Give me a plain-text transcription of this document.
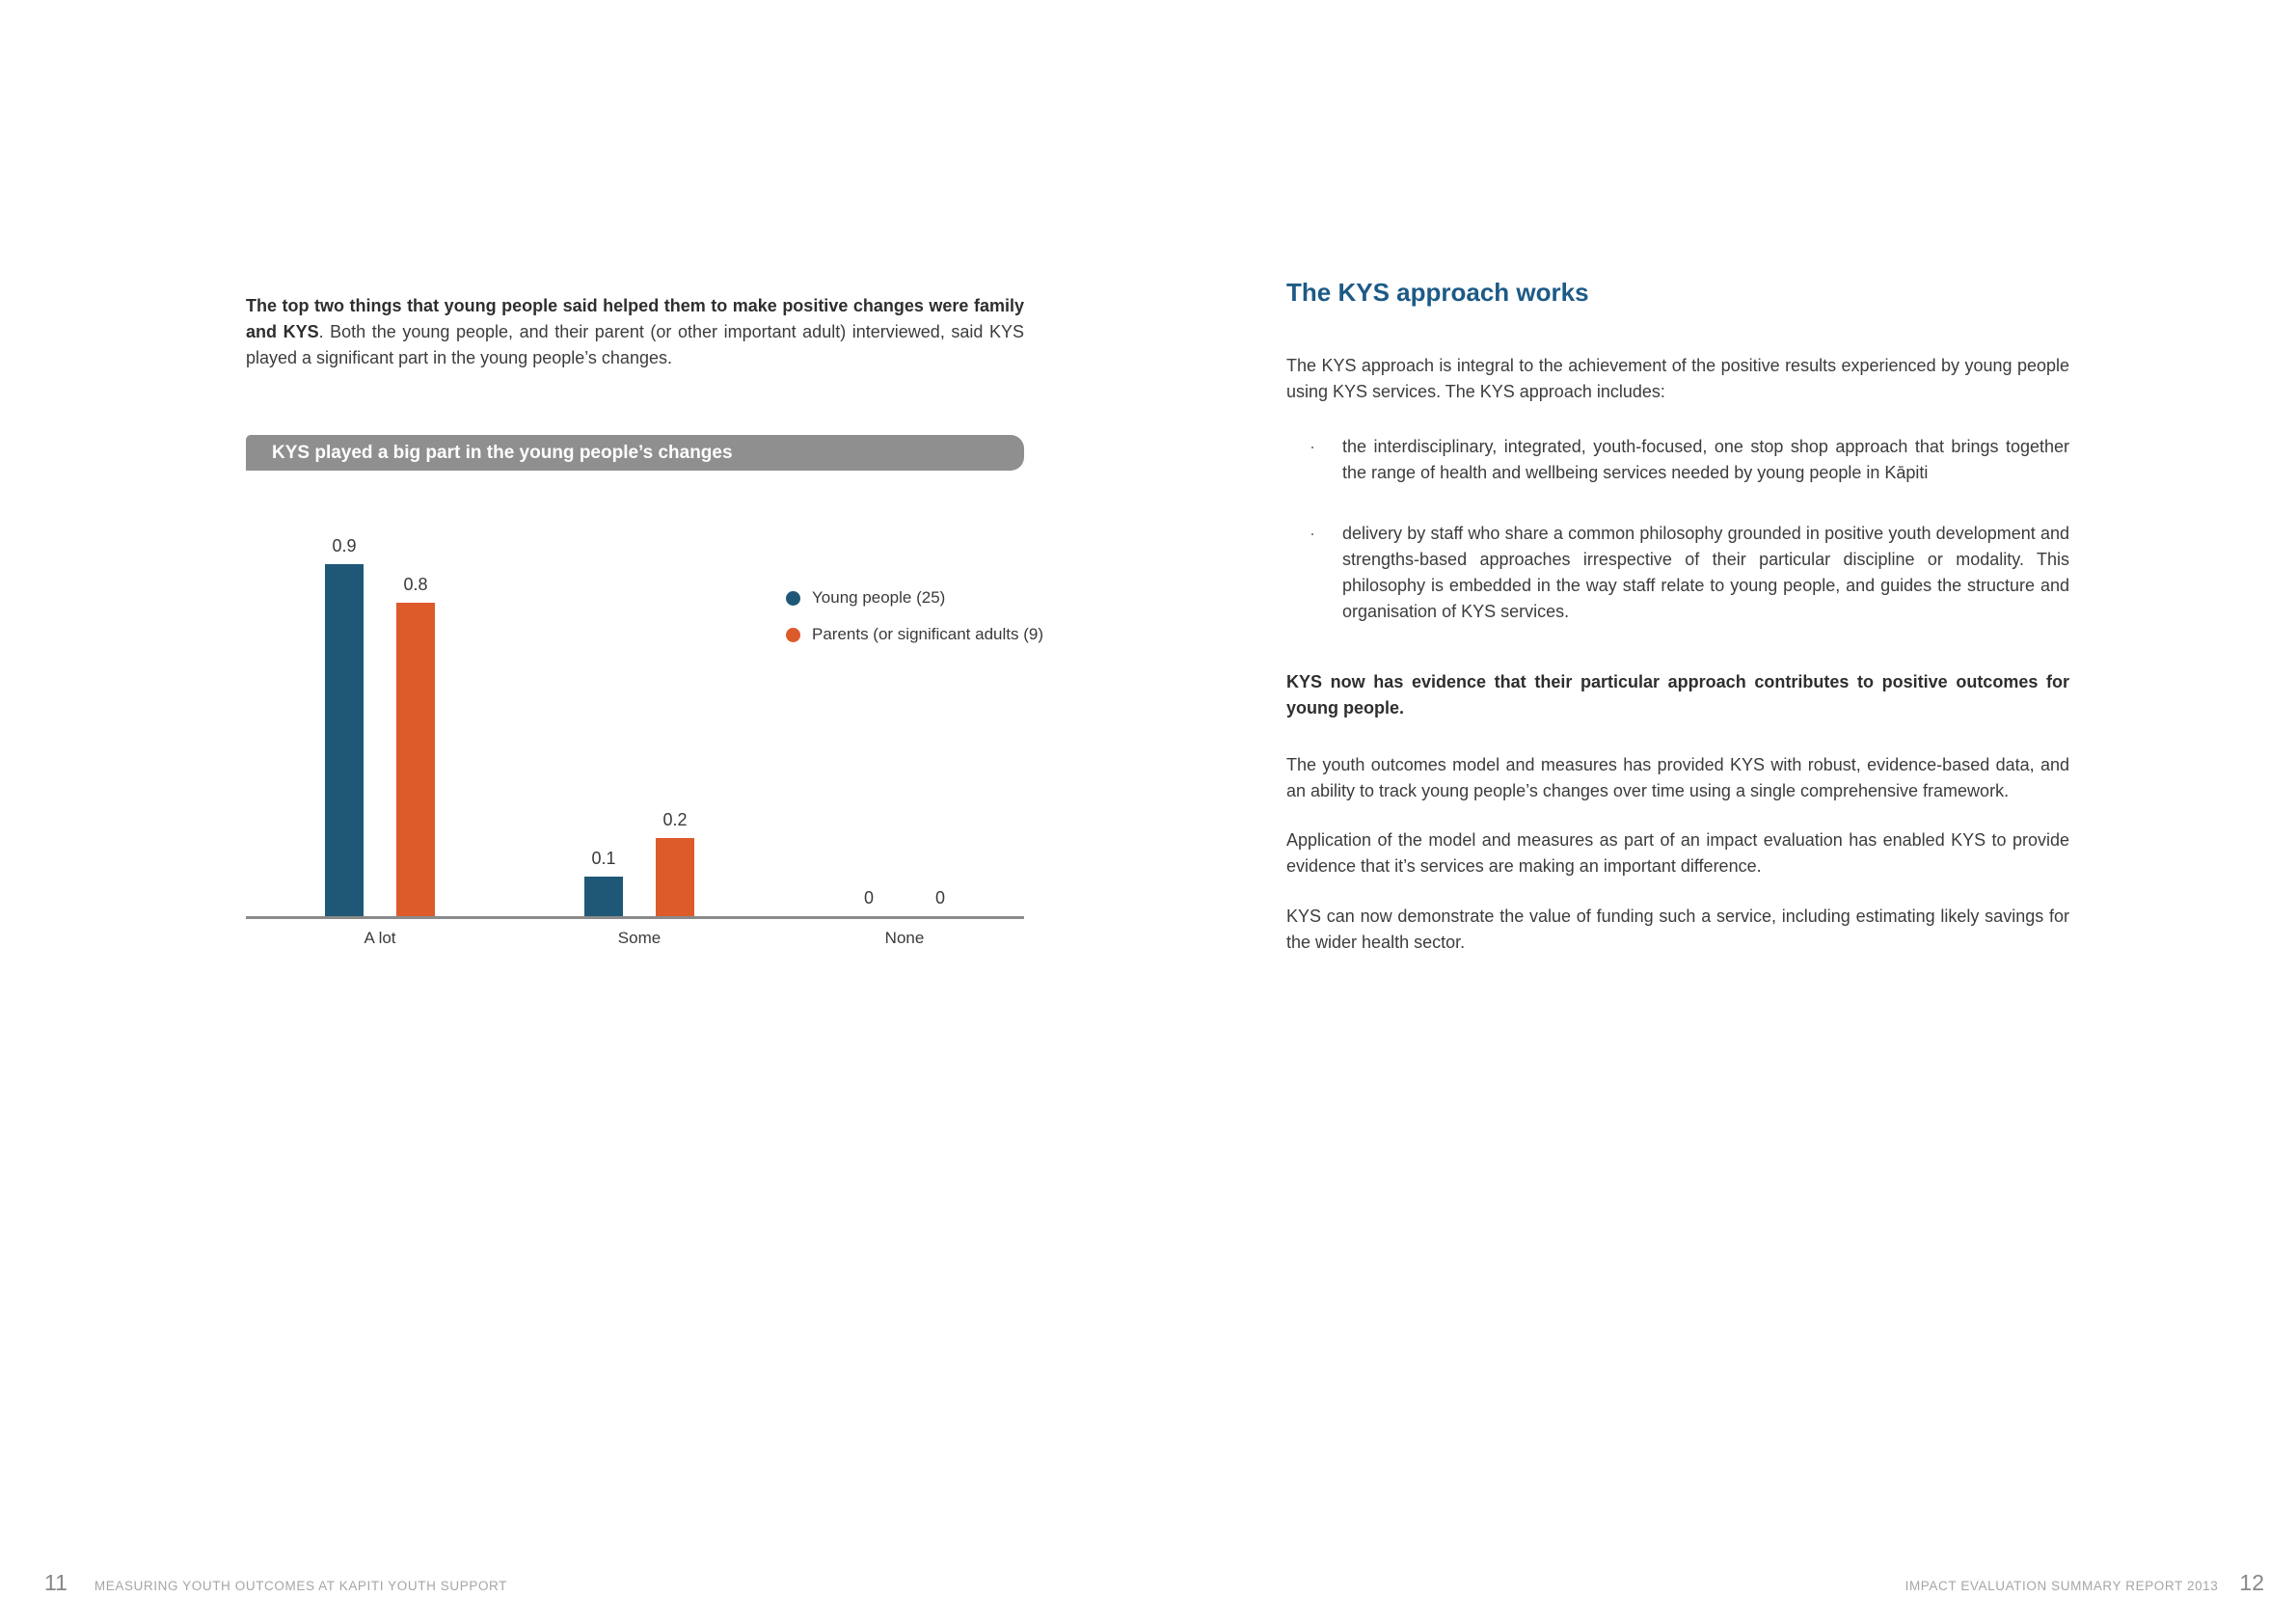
The top two things that young people said helped them to make positive changes were family and KYS. Both the young people, and their parent (or other important adult) interviewed, said KYS played a significant part in the young people’s changes.

KYS played a big part in the young people’s changes
0.9
0.8
0.1
0.2
0	0
A lot	Some	None
Young people (25)
Parents (or significant adults (9)
11 MEASURING YOUTH OUTCOMES AT KAPITI YOUTH SUPPORT
The KYS approach works

The KYS approach is integral to the achievement of the positive results experienced by young people using KYS services. The KYS approach includes:

·	the interdisciplinary, integrated, youth-focused, one stop shop approach that brings together the range of health and wellbeing services needed by young people in Kāpiti
·	delivery by staff who share a common philosophy grounded in positive youth development and strengths-based approaches irrespective of their particular discipline or modality. This philosophy is embedded in the way staff relate to young people, and guides the structure and organisation of KYS services.

KYS now has evidence that their particular approach contributes to positive outcomes for young people.

The youth outcomes model and measures has provided KYS with robust, evidence-based data, and an ability to track young people’s changes over time using a single comprehensive framework.

Application of the model and measures as part of an impact evaluation has enabled KYS to provide evidence that it’s services are making an important difference.

KYS can now demonstrate the value of funding such a service, including estimating likely savings for the wider health sector.

IMPACT EVALUATION SUMMARY REPORT 2013 12
